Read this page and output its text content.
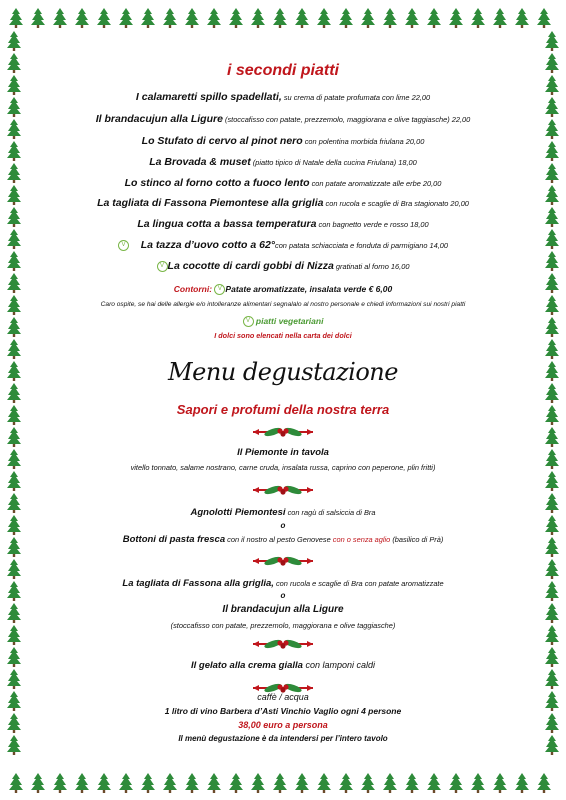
i secondi piatti
I calamaretti spillo spadellati, su crema di patate profumata con lime 22,00
Il brandacujun alla Ligure (stoccafisso con patate, prezzemolo, maggiorana e olive taggiasche) 22,00
Lo Stufato di cervo al pinot nero con polentina morbida friulana 20,00
La Brovada & muset (piatto tipico di Natale della cucina Friulana) 18,00
Lo stinco al forno cotto a fuoco lento con patate aromatizzate alle erbe 20,00
La tagliata di Fassona Piemontese alla griglia con rucola e scaglie di Bra stagionato 20,00
La lingua cotta a bassa temperatura con bagnetto verde e rosso 18,00
V La tazza d’uovo cotto a 62°con patata schiacciata e fonduta di parmigiano 14,00
V La cocotte di cardi gobbi di Nizza gratinati al forno 16,00
Contorni: V Patate aromatizzate, insalata verde € 6,00
Caro ospite, se hai delle allergie e/o intolleranze alimentari segnalalo al nostro personale e chiedi informazioni sui nostri piatti
V piatti vegetariani
I dolci sono elencati nella carta dei dolci
Menu degustazione
Sapori e profumi della nostra terra
Il Piemonte in tavola
vitello tonnato, salame nostrano, carne cruda, insalata russa, caprino con peperone, plin fritti)
Agnolotti Piemontesi con ragù di salsiccia di Bra
o
Bottoni di pasta fresca con il nostro al pesto Genovese con o senza aglio (basilico di Prà)
La tagliata di Fassona alla griglia, con rucola e scaglie di Bra con patate aromatizzate
o
Il brandacujun alla Ligure
(stoccafisso con patate, prezzemolo, maggiorana e olive taggiasche)
Il gelato alla crema gialla con lamponi caldi
caffè / acqua
1 litro di vino Barbera d’Asti Vinchio Vaglio ogni 4 persone
38,00 euro a persona
Il menù degustazione è da intendersi per l’intero tavolo
